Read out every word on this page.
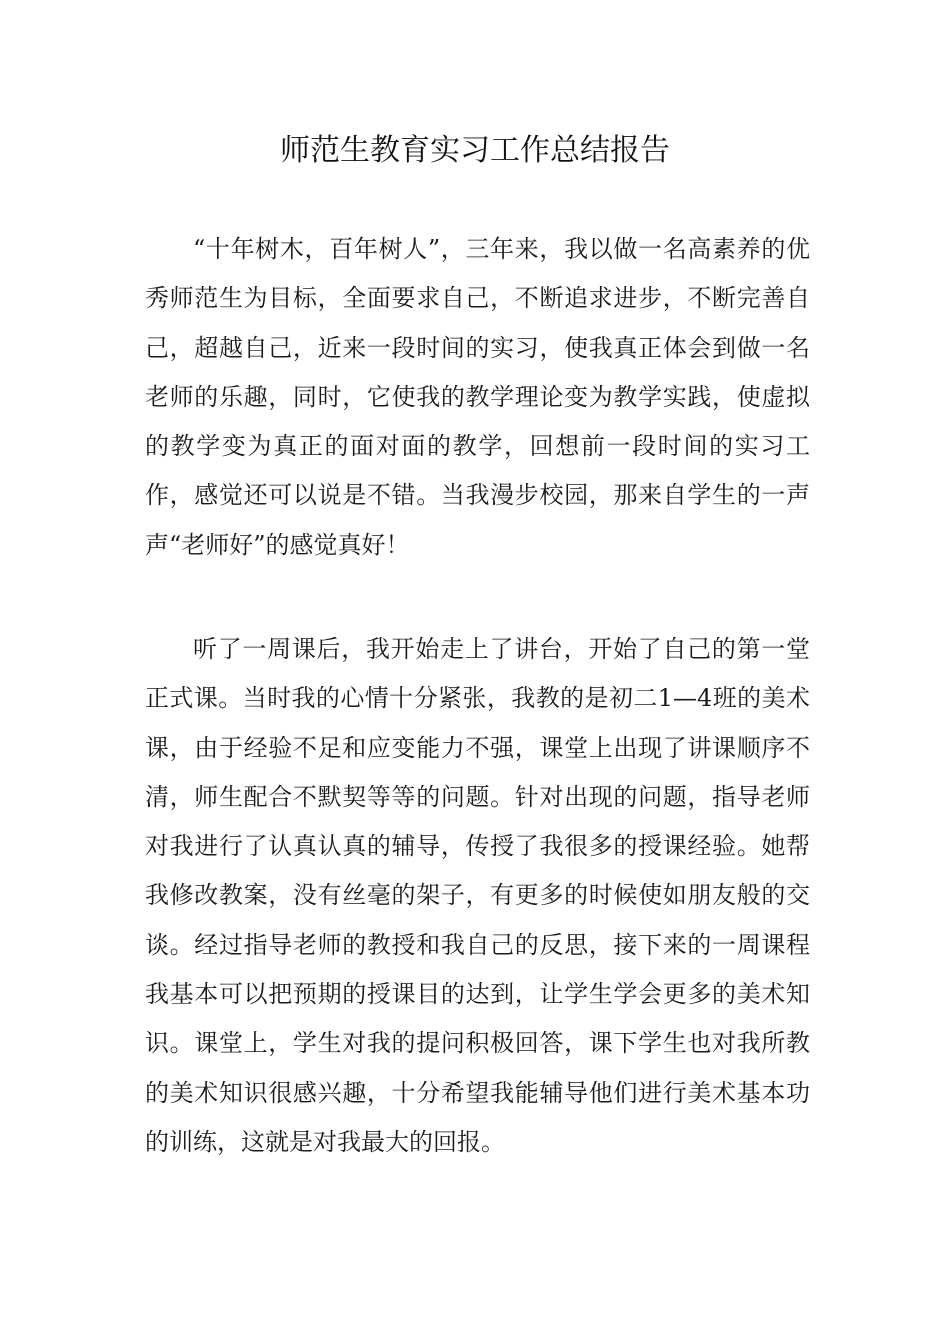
师范生教育实习工作总结报告

“十年树木，百年树人”，三年来，我以做一名高素养的优秀师范生为目标，全面要求自己，不断追求进步，不断完善自己，超越自己，近来一段时间的实习，使我真正体会到做一名老师的乐趣，同时，它使我的教学理论变为教学实践，使虚拟的教学变为真正的面对面的教学，回想前一段时间的实习工作，感觉还可以说是不错。当我漫步校园，那来自学生的一声声“老师好”的感觉真好！

听了一周课后，我开始走上了讲台，开始了自己的第一堂正式课。当时我的心情十分紧张，我教的是初二1—4班的美术课，由于经验不足和应变能力不强，课堂上出现了讲课顺序不清，师生配合不默契等等的问题。针对出现的问题，指导老师对我进行了认真认真的辅导，传授了我很多的授课经验。她帮我修改教案，没有丝毫的架子，有更多的时候使如朋友般的交谈。经过指导老师的教授和我自己的反思，接下来的一周课程我基本可以把预期的授课目的达到，让学生学会更多的美术知识。课堂上，学生对我的提问积极回答，课下学生也对我所教的美术知识很感兴趣，十分希望我能辅导他们进行美术基本功的训练，这就是对我最大的回报。
